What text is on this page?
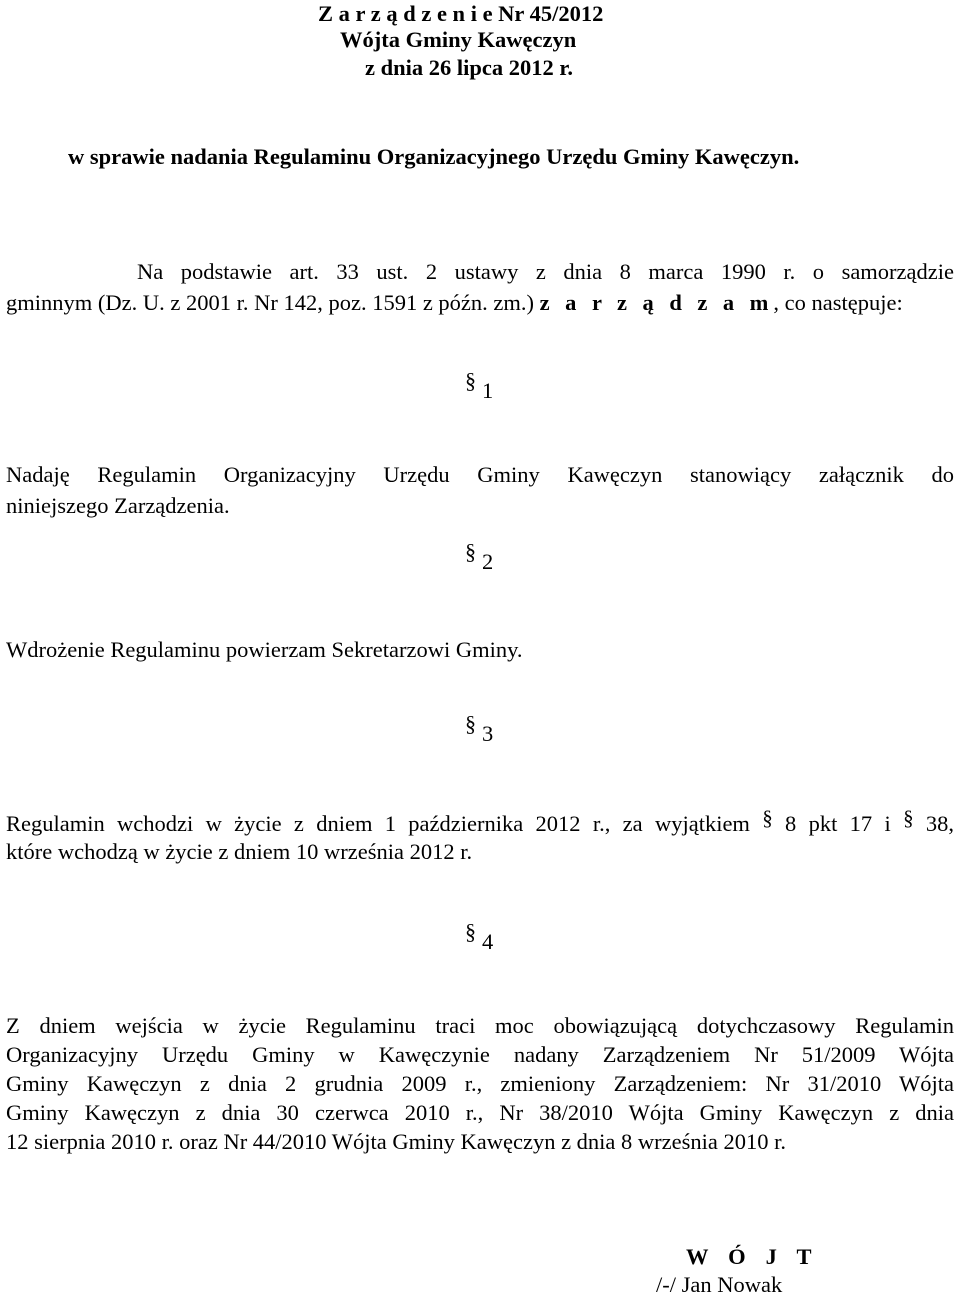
Z a r z ą d z e n i e Nr 45/2012
Wójta Gminy Kawęczyn
z dnia 26 lipca 2012 r.
w sprawie nadania Regulaminu Organizacyjnego Urzędu Gminy Kawęczyn.
Na podstawie art. 33 ust. 2 ustawy z dnia 8 marca 1990 r. o samorządzie
gminnym (Dz. U. z 2001 r. Nr 142, poz. 1591 z późn. zm.) z a r z ą d z a m, co następuje:
§ 1
Nadaję Regulamin Organizacyjny Urzędu Gminy Kawęczyn stanowiący załącznik do
niniejszego Zarządzenia.
§ 2
Wdrożenie Regulaminu powierzam Sekretarzowi Gminy.
§ 3
Regulamin wchodzi w życie z dniem 1 października 2012 r., za wyjątkiem § 8 pkt 17 i § 38,
które wchodzą w życie z dniem 10 września 2012 r.
§ 4
Z dniem wejścia w życie Regulaminu traci moc obowiązującą dotychczasowy Regulamin
Organizacyjny Urzędu Gminy w Kawęczynie nadany Zarządzeniem Nr 51/2009 Wójta
Gminy Kawęczyn z dnia 2 grudnia 2009 r., zmieniony Zarządzeniem: Nr 31/2010 Wójta
Gminy Kawęczyn z dnia 30 czerwca 2010 r., Nr 38/2010 Wójta Gminy Kawęczyn z dnia
12 sierpnia 2010 r. oraz Nr 44/2010 Wójta Gminy Kawęczyn z dnia 8 września 2010 r.
W Ó J T
/-/ Jan Nowak
